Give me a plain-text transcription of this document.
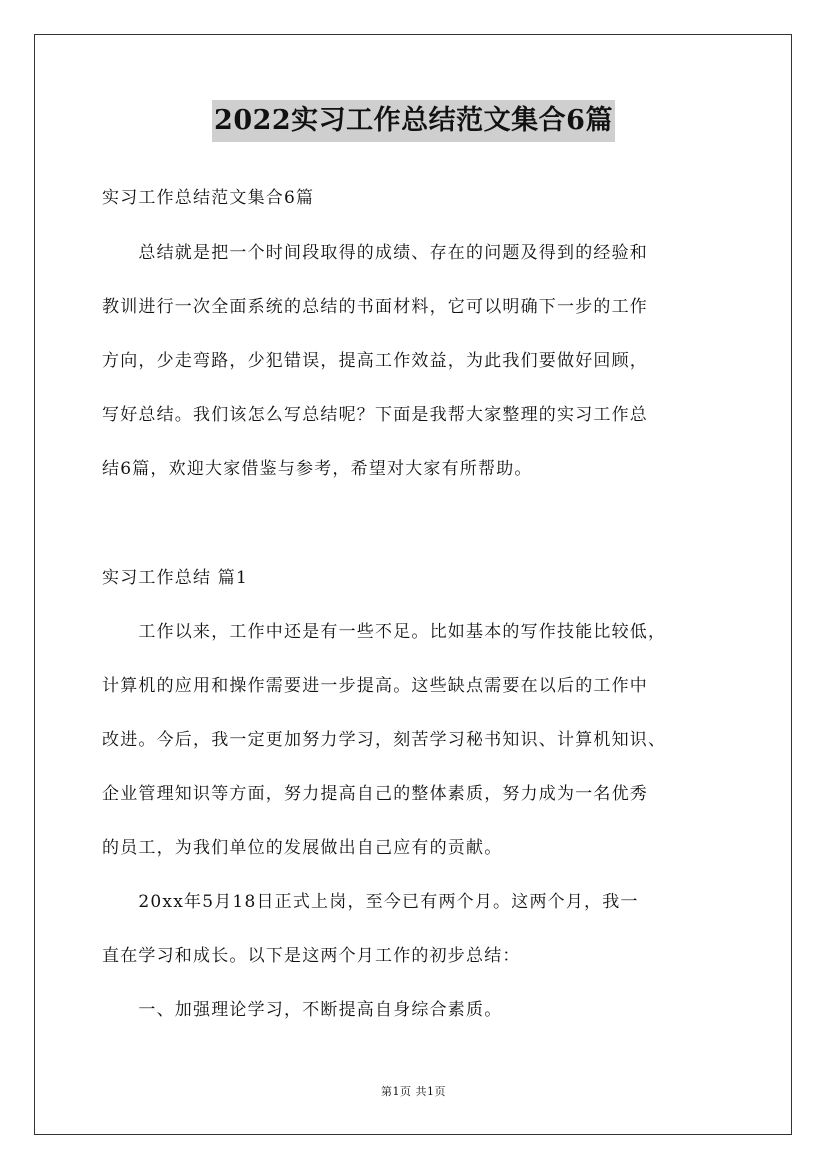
2022实习工作总结范文集合6篇
实习工作总结范文集合6篇
　　总结就是把一个时间段取得的成绩、存在的问题及得到的经验和
教训进行一次全面系统的总结的书面材料，它可以明确下一步的工作
方向，少走弯路，少犯错误，提高工作效益，为此我们要做好回顾，
写好总结。我们该怎么写总结呢？下面是我帮大家整理的实习工作总
结6篇，欢迎大家借鉴与参考，希望对大家有所帮助。
实习工作总结 篇1
　　工作以来，工作中还是有一些不足。比如基本的写作技能比较低，
计算机的应用和操作需要进一步提高。这些缺点需要在以后的工作中
改进。今后，我一定更加努力学习，刻苦学习秘书知识、计算机知识、
企业管理知识等方面，努力提高自己的整体素质，努力成为一名优秀
的员工，为我们单位的发展做出自己应有的贡献。
　　20xx年5月18日正式上岗，至今已有两个月。这两个月，我一
直在学习和成长。以下是这两个月工作的初步总结：
　　一、加强理论学习，不断提高自身综合素质。
第1页 共1页
